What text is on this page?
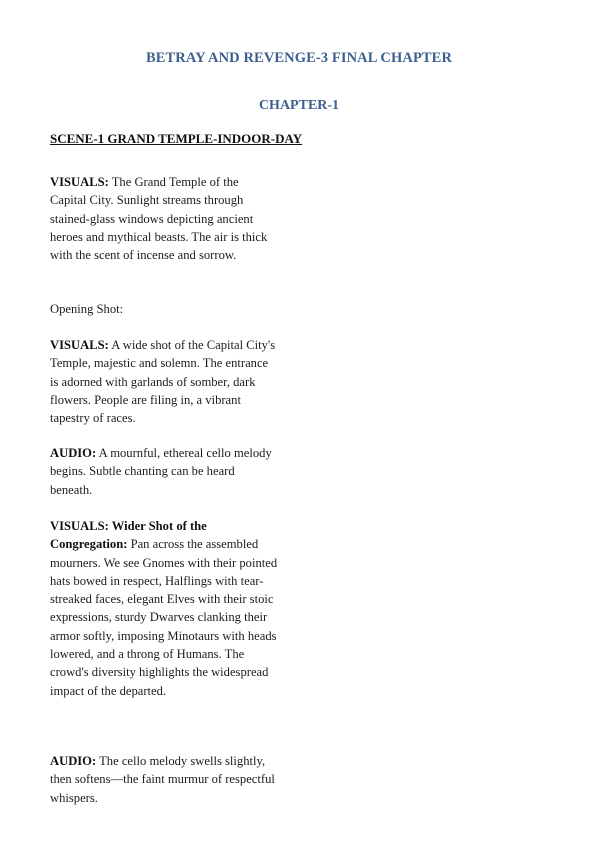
BETRAY AND REVENGE-3 FINAL CHAPTER
CHAPTER-1
SCENE-1 GRAND TEMPLE-INDOOR-DAY

VISUALS: The Grand Temple of the Capital City. Sunlight streams through stained-glass windows depicting ancient heroes and mythical beasts. The air is thick with the scent of incense and sorrow.

Opening Shot:

VISUALS: A wide shot of the Capital City's Temple, majestic and solemn. The entrance is adorned with garlands of somber, dark flowers. People are filing in, a vibrant tapestry of races.

AUDIO: A mournful, ethereal cello melody begins. Subtle chanting can be heard beneath.

VISUALS: Wider Shot of the Congregation: Pan across the assembled mourners. We see Gnomes with their pointed hats bowed in respect, Halflings with tear-streaked faces, elegant Elves with their stoic expressions, sturdy Dwarves clanking their armor softly, imposing Minotaurs with heads lowered, and a throng of Humans. The crowd's diversity highlights the widespread impact of the departed.

AUDIO: The cello melody swells slightly, then softens—the faint murmur of respectful whispers.
